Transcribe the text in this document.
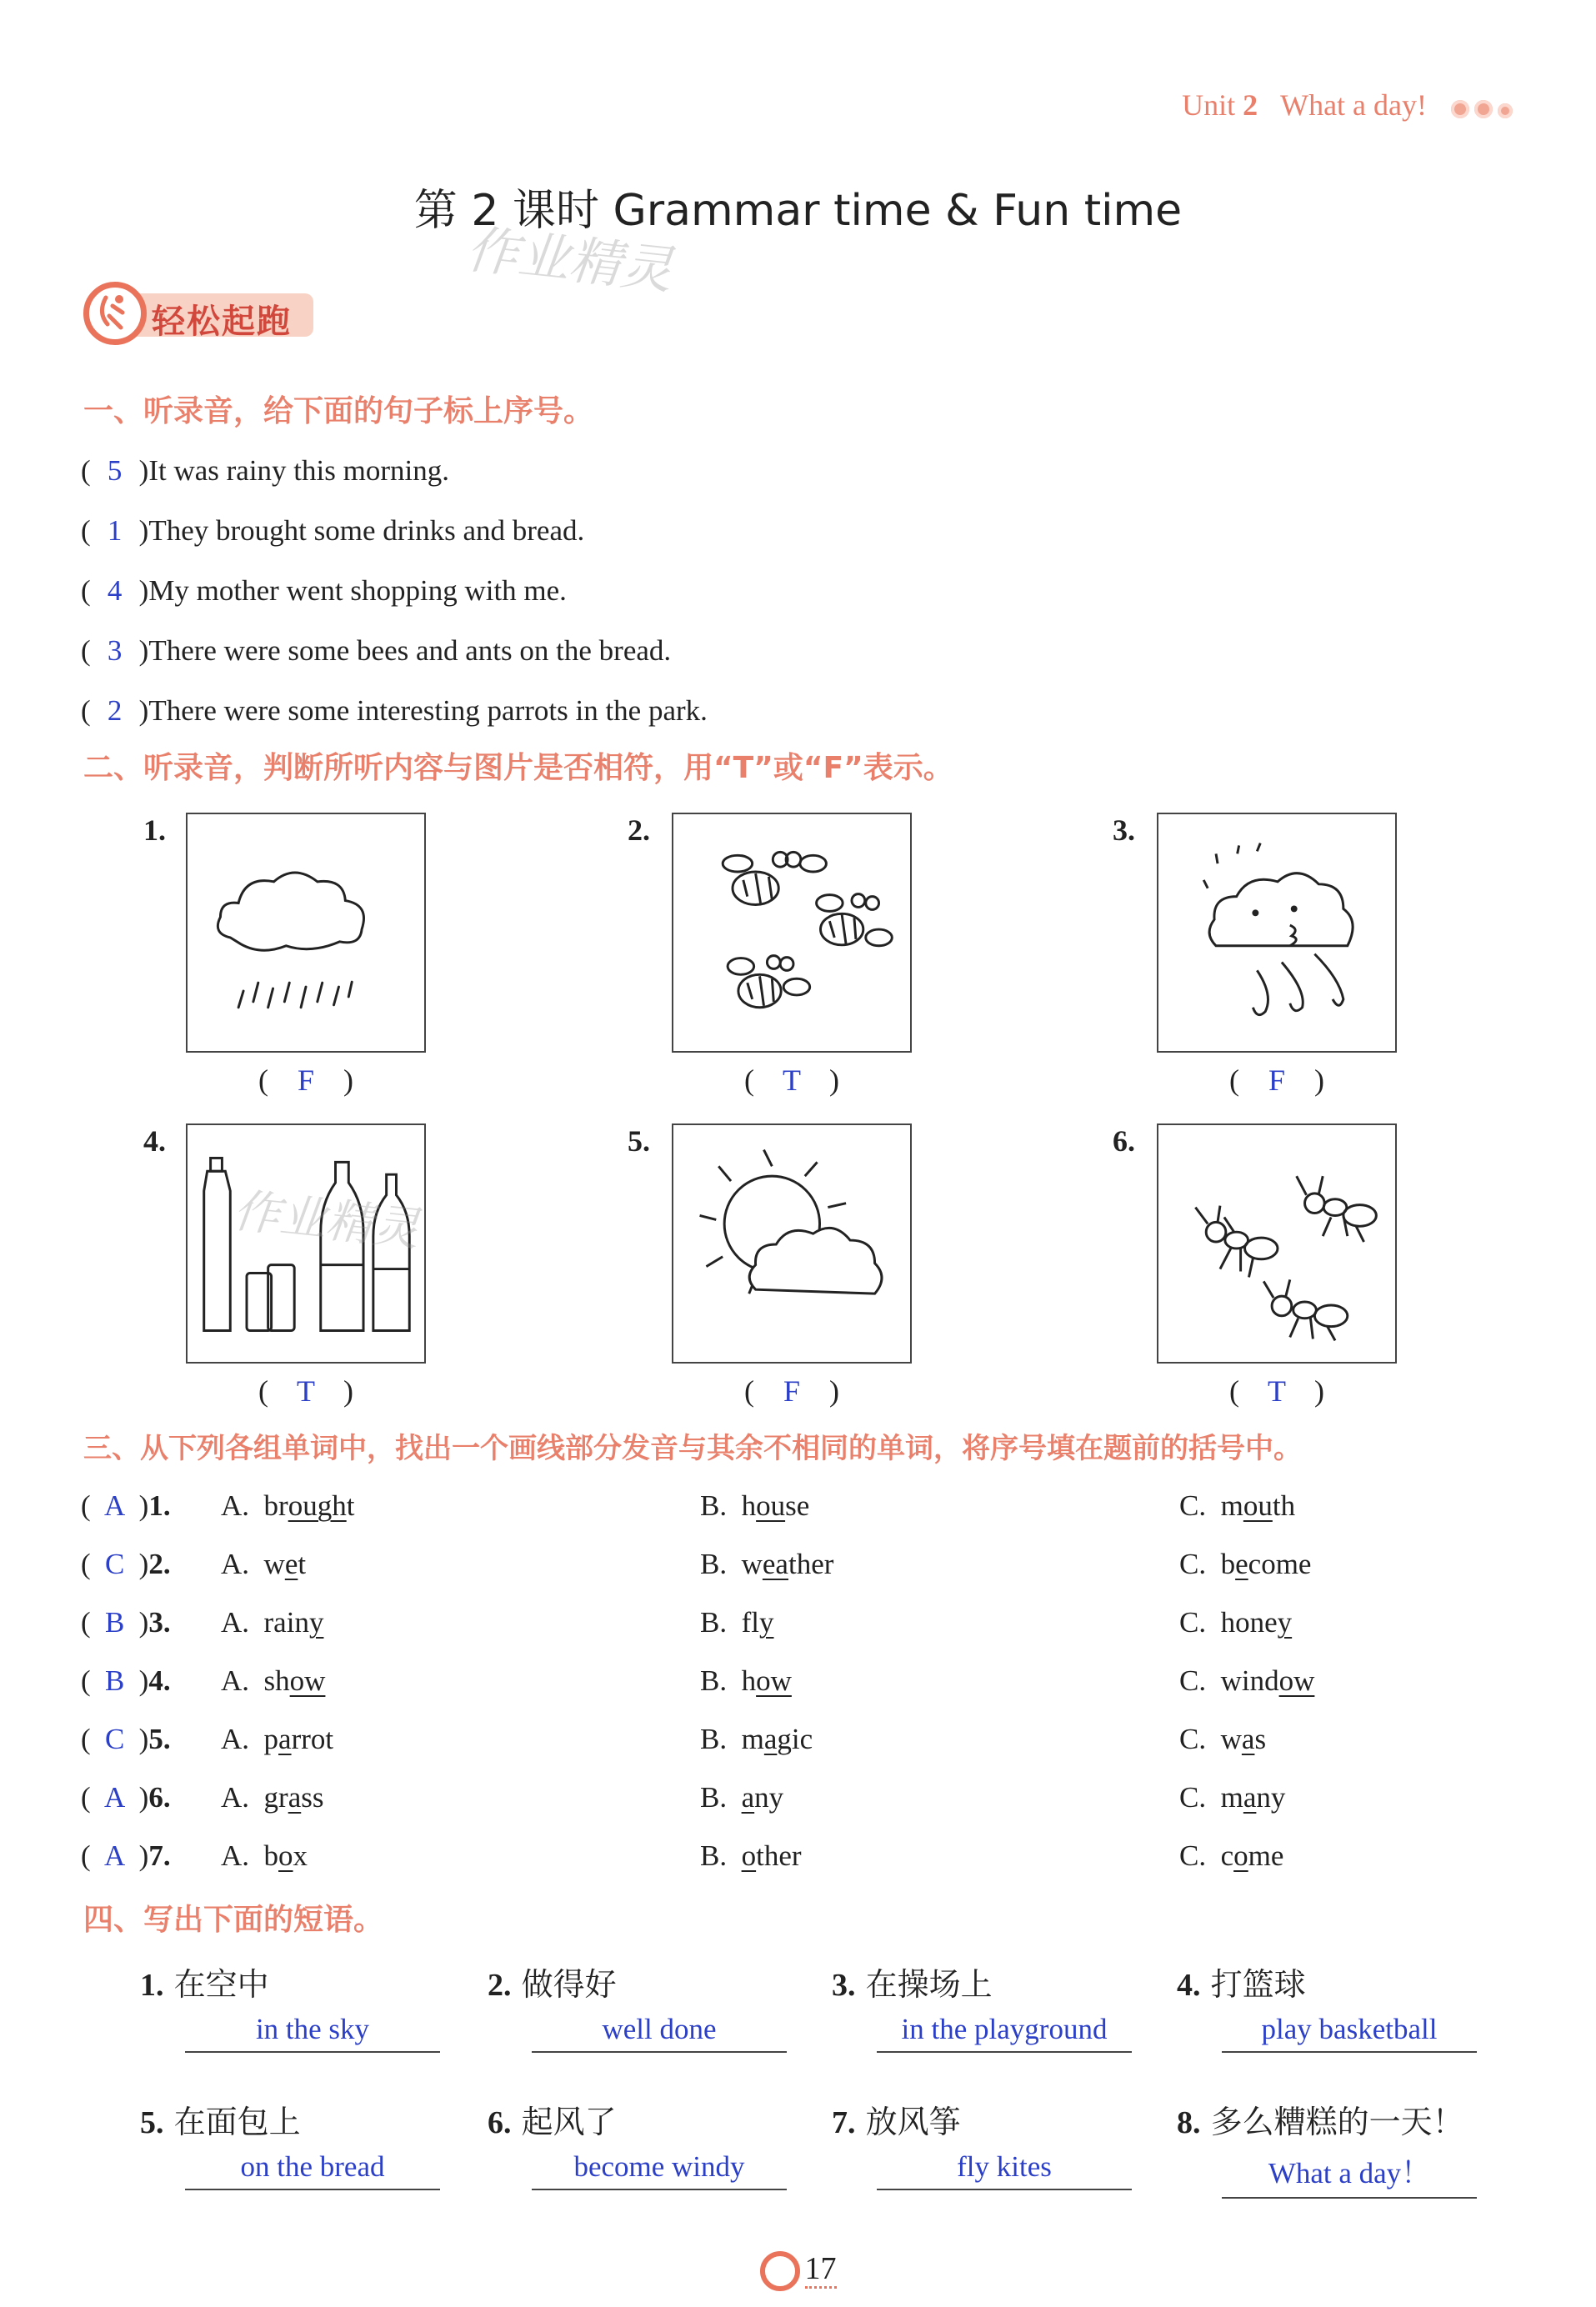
Unit 2 What a day!
第 2 课时 Grammar time & Fun time
作业精灵
轻松起跑
一、听录音，给下面的句子标上序号。
( 5 )It was rainy this morning.
( 1 )They brought some drinks and bread.
( 4 )My mother went shopping with me.
( 3 )There were some bees and ants on the bread.
( 2 )There were some interesting parrots in the park.
二、听录音，判断所听内容与图片是否相符，用“T”或“F”表示。
1.
( F )
2.
( T )
3.
( F )
4.
作业精灵
( T )
5.
( F )
6.
( T )
三、从下列各组单词中，找出一个画线部分发音与其余不相同的单词，将序号填在题前的括号中。
( A )1. A. brought	B. house	C. mouth
( C )2. A. wet	B. weather	C. become
( B )3. A. rainy	B. fly	C. honey
( B )4. A. show	B. how	C. window
( C )5. A. parrot	B. magic	C. was
( A )6. A. grass	B. any	C. many
( A )7. A. box	B. other	C. come
四、写出下面的短语。
1. 在空中
in the sky
2. 做得好
well done
3. 在操场上
in the playground
4. 打篮球
play basketball
5. 在面包上
on the bread
6. 起风了
become windy
7. 放风筝
fly kites
8. 多么糟糕的一天！
What a day！
17
